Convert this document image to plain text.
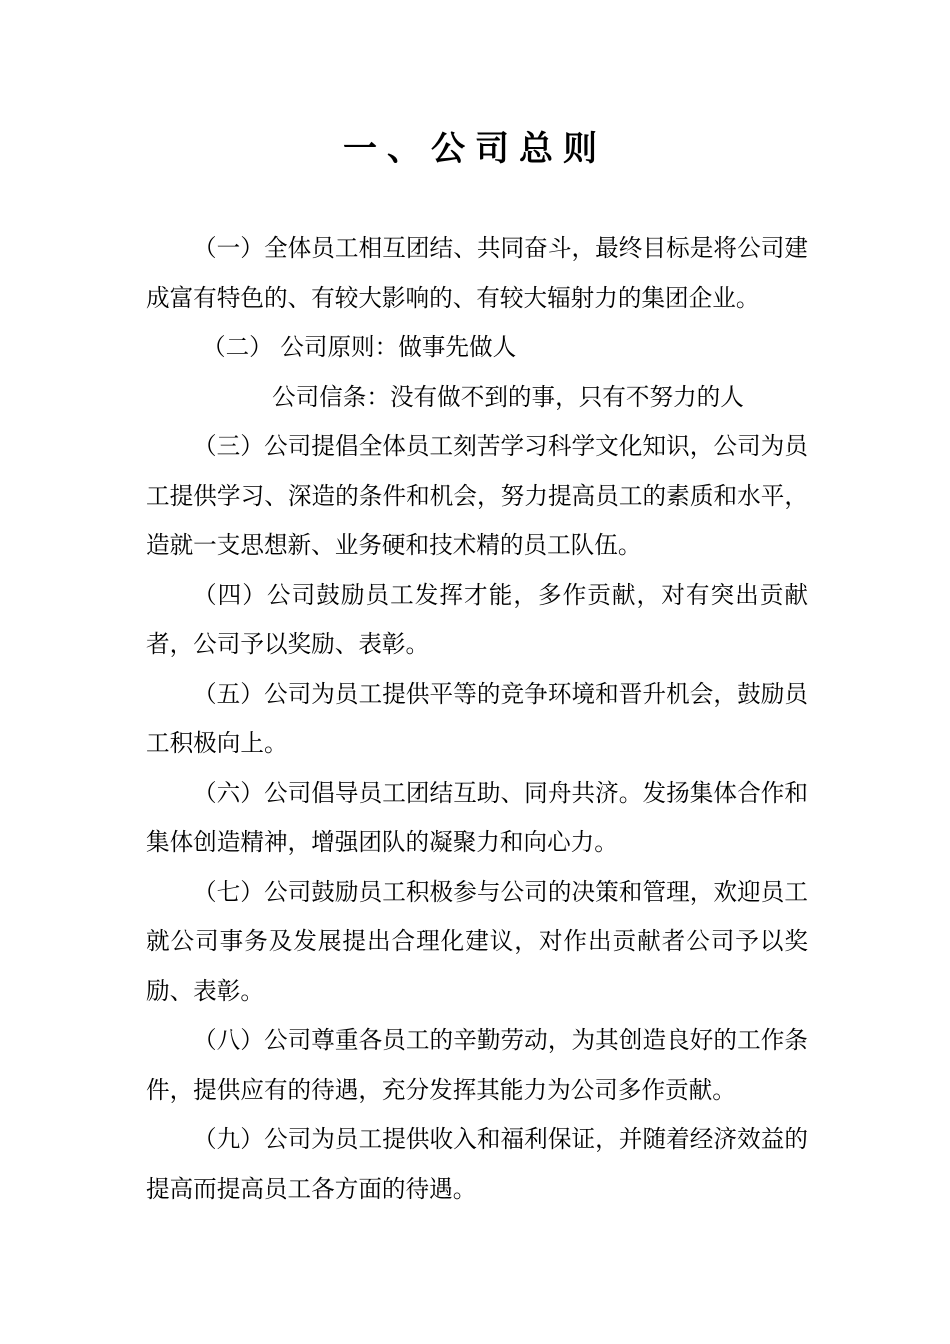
一、公司总则

（一）全体员工相互团结、共同奋斗，最终目标是将公司建成富有特色的、有较大影响的、有较大辐射力的集团企业。

（二） 公司原则：做事先做人

公司信条：没有做不到的事，只有不努力的人

（三）公司提倡全体员工刻苦学习科学文化知识，公司为员工提供学习、深造的条件和机会，努力提高员工的素质和水平，造就一支思想新、业务硬和技术精的员工队伍。

（四）公司鼓励员工发挥才能，多作贡献，对有突出贡献者，公司予以奖励、表彰。

（五）公司为员工提供平等的竞争环境和晋升机会，鼓励员工积极向上。

（六）公司倡导员工团结互助、同舟共济。发扬集体合作和集体创造精神，增强团队的凝聚力和向心力。

（七）公司鼓励员工积极参与公司的决策和管理，欢迎员工就公司事务及发展提出合理化建议，对作出贡献者公司予以奖励、表彰。

（八）公司尊重各员工的辛勤劳动，为其创造良好的工作条件，提供应有的待遇，充分发挥其能力为公司多作贡献。

（九）公司为员工提供收入和福利保证，并随着经济效益的提高而提高员工各方面的待遇。
